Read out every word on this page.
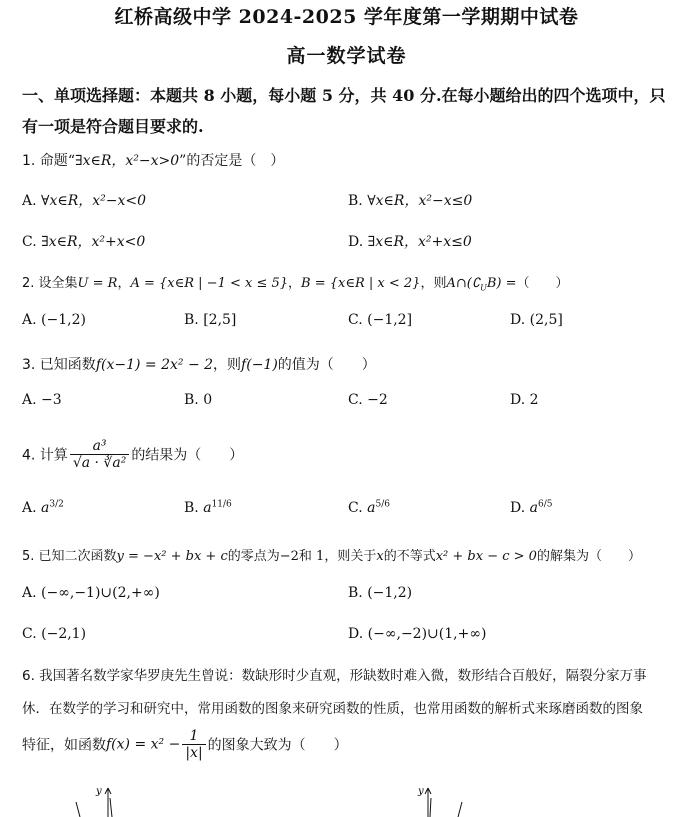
红桥高级中学 2024-2025 学年度第一学期期中试卷
高一数学试卷
一、单项选择题：本题共 8 小题，每小题 5 分，共 40 分.在每小题给出的四个选项中，只有一项是符合题目要求的.
1. 命题“∃x∈R，x²−x>0”的否定是（　）
A. ∀x∈R，x²−x<0	B. ∀x∈R，x²−x≤0
C. ∃x∈R，x²+x<0	D. ∃x∈R，x²+x≤0
2. 设全集U = R，A = {x∈R | −1 < x ≤ 5}，B = {x∈R | x < 2}，则$A\cap(∁_UB)$ =（　　）
A. (−1,2)	B. [2,5]	C. (−1,2]	D. (2,5]
3. 已知函数f(x−1) = 2x² − 2，则f(−1)的值为（　　）
A. −3	B. 0	C. −2	D. 2
4. 计算 $\frac{\text{a³}}{\text{√a · ∛a²}}$ 的结果为（　　）
A. $a^{3/2}$	B. $a^{11/6}$	C. $a^{5/6}$	D. $a^{6/5}$
5. 已知二次函数y = −x² + bx + c的零点为−2和 1，则关于x的不等式x² + bx − c > 0的解集为（　　）
A. (−∞,−1)∪(2,+∞)	B. (−1,2)
C. (−2,1)	D. (−∞,−2)∪(1,+∞)
6. 我国著名数学家华罗庚先生曾说：数缺形时少直观，形缺数时难入微，数形结合百般好，隔裂分家万事
休．在数学的学习和研究中，常用函数的图象来研究函数的性质，也常用函数的解析式来琢磨函数的图象
特征，如函数$f(x) = x^2 - \frac{1}{|x|}$ 的图象大致为（　　）
y	y
